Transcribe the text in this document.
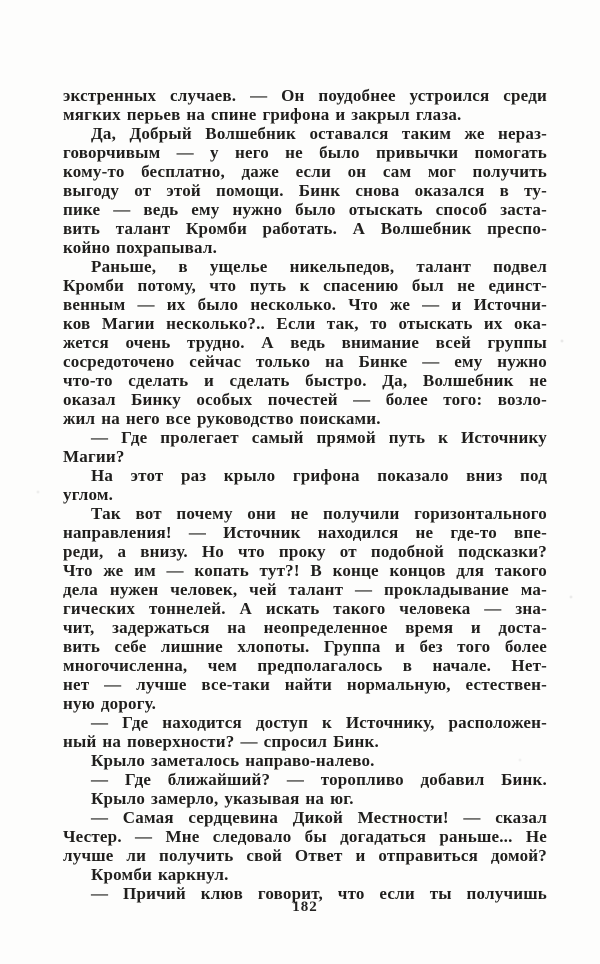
экстренных случаев. — Он поудобнее устроился среди
мягких перьев на спине грифона и закрыл глаза.
Да, Добрый Волшебник оставался таким же нераз-
говорчивым — у него не было привычки помогать
кому-то бесплатно, даже если он сам мог получить
выгоду от этой помощи. Бинк снова оказался в ту-
пике — ведь ему нужно было отыскать способ заста-
вить талант Кромби работать. А Волшебник преспо-
койно похрапывал.
Раньше, в ущелье никельпедов, талант подвел
Кромби потому, что путь к спасению был не единст-
венным — их было несколько. Что же — и Источни-
ков Магии несколько?.. Если так, то отыскать их ока-
жется очень трудно. А ведь внимание всей группы
сосредоточено сейчас только на Бинке — ему нужно
что-то сделать и сделать быстро. Да, Волшебник не
оказал Бинку особых почестей — более того: возло-
жил на него все руководство поисками.
— Где пролегает самый прямой путь к Источнику
Магии?
На этот раз крыло грифона показало вниз под
углом.
Так вот почему они не получили горизонтального
направления! — Источник находился не где-то впе-
реди, а внизу. Но что проку от подобной подсказки?
Что же им — копать тут?! В конце концов для такого
дела нужен человек, чей талант — прокладывание ма-
гических тоннелей. А искать такого человека — зна-
чит, задержаться на неопределенное время и доста-
вить себе лишние хлопоты. Группа и без того более
многочисленна, чем предполагалось в начале. Нет-
нет — лучше все-таки найти нормальную, естествен-
ную дорогу.
— Где находится доступ к Источнику, расположен-
ный на поверхности? — спросил Бинк.
Крыло заметалось направо-налево.
— Где ближайший? — торопливо добавил Бинк.
Крыло замерло, указывая на юг.
— Самая сердцевина Дикой Местности! — сказал
Честер. — Мне следовало бы догадаться раньше... Не
лучше ли получить свой Ответ и отправиться домой?
Кромби каркнул.
— Причий клюв говорит, что если ты получишь
182
